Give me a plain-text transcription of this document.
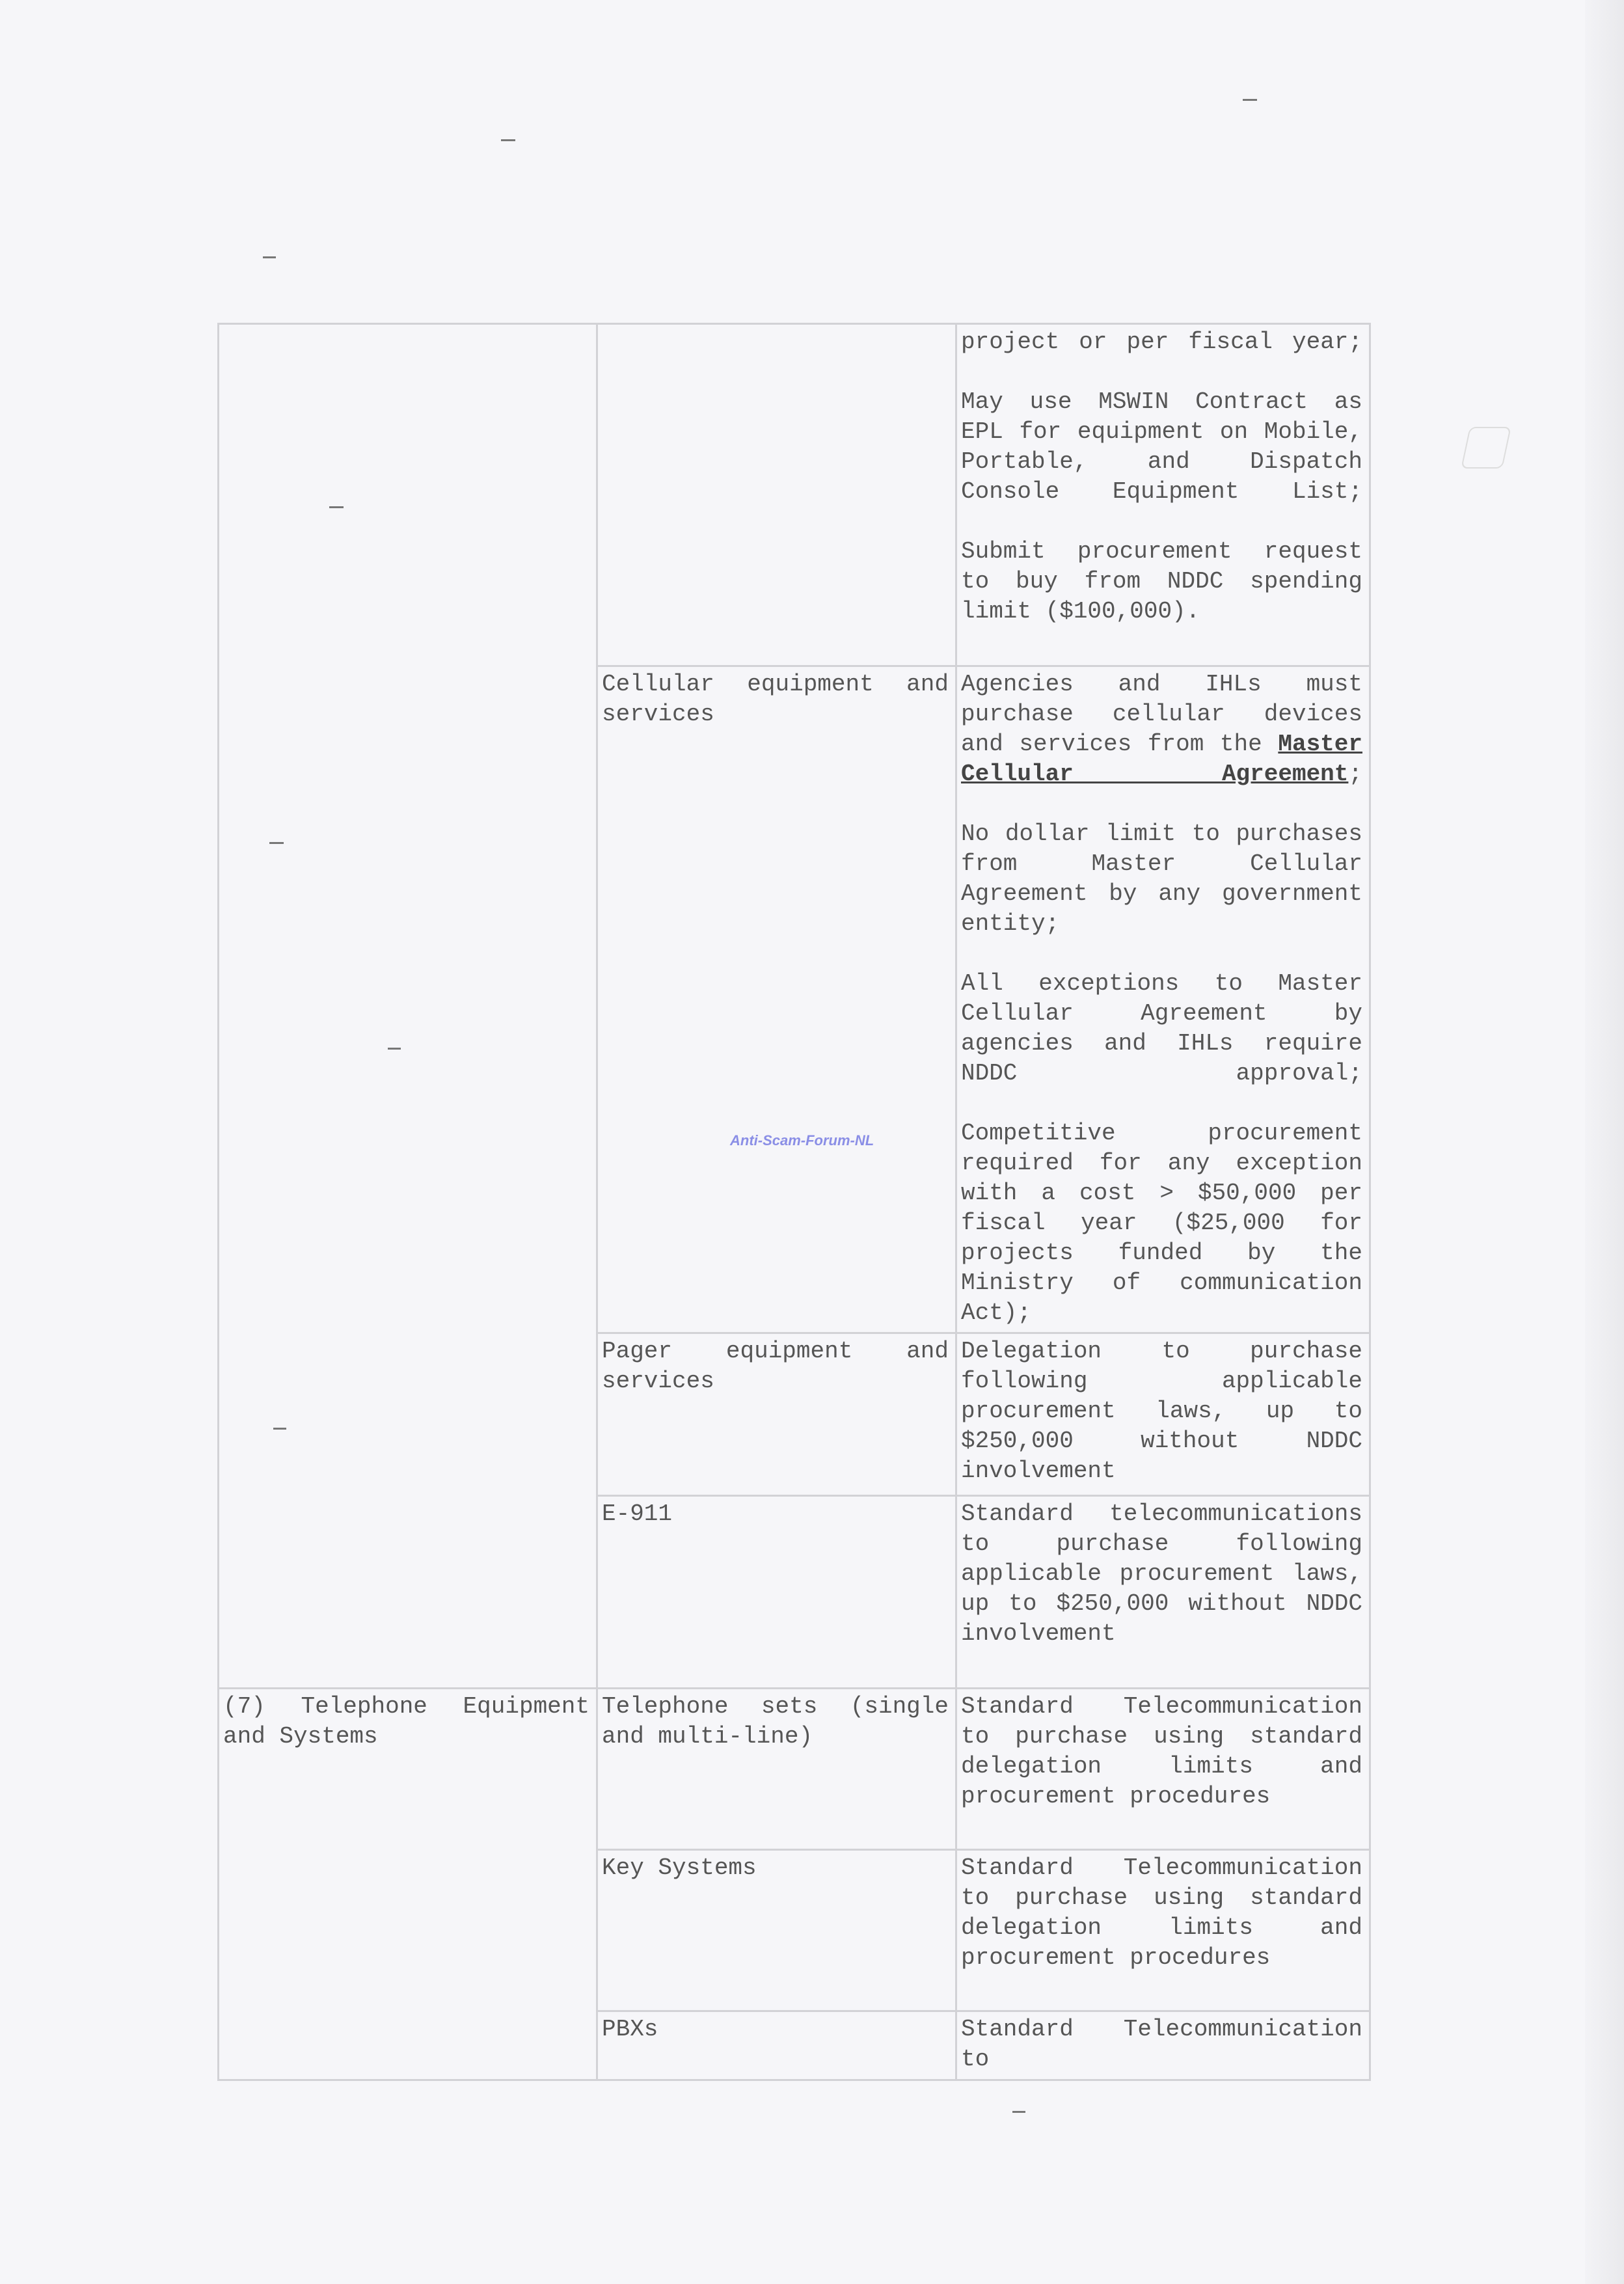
		project or per fiscal year;
May use MSWIN Contract as EPL for equipment on Mobile, Portable, and Dispatch Console Equipment List;
Submit procurement request to buy from NDDC spending limit ($100,000).

	Cellular equipment and services	Agencies and IHLs must purchase cellular devices and services from the Master Cellular Agreement;
No dollar limit to purchases from Master Cellular Agreement by any government entity;
All exceptions to Master Cellular Agreement by agencies and IHLs require NDDC approval;
Competitive procurement required for any exception with a cost > $50,000 per fiscal year ($25,000 for projects funded by the Ministry of communication Act);

	Pager equipment and services	Delegation to purchase following applicable procurement laws, up to $250,000 without NDDC involvement

	E-911	Standard telecommunications to purchase following applicable procurement laws, up to $250,000 without NDDC involvement

(7) Telephone Equipment and Systems	Telephone sets (single and multi-line)	Standard Telecommunication to purchase using standard delegation limits and procurement procedures

	Key Systems	Standard Telecommunication to purchase using standard delegation limits and procurement procedures

	PBXs	Standard Telecommunication to
Anti-Scam-Forum-NL
